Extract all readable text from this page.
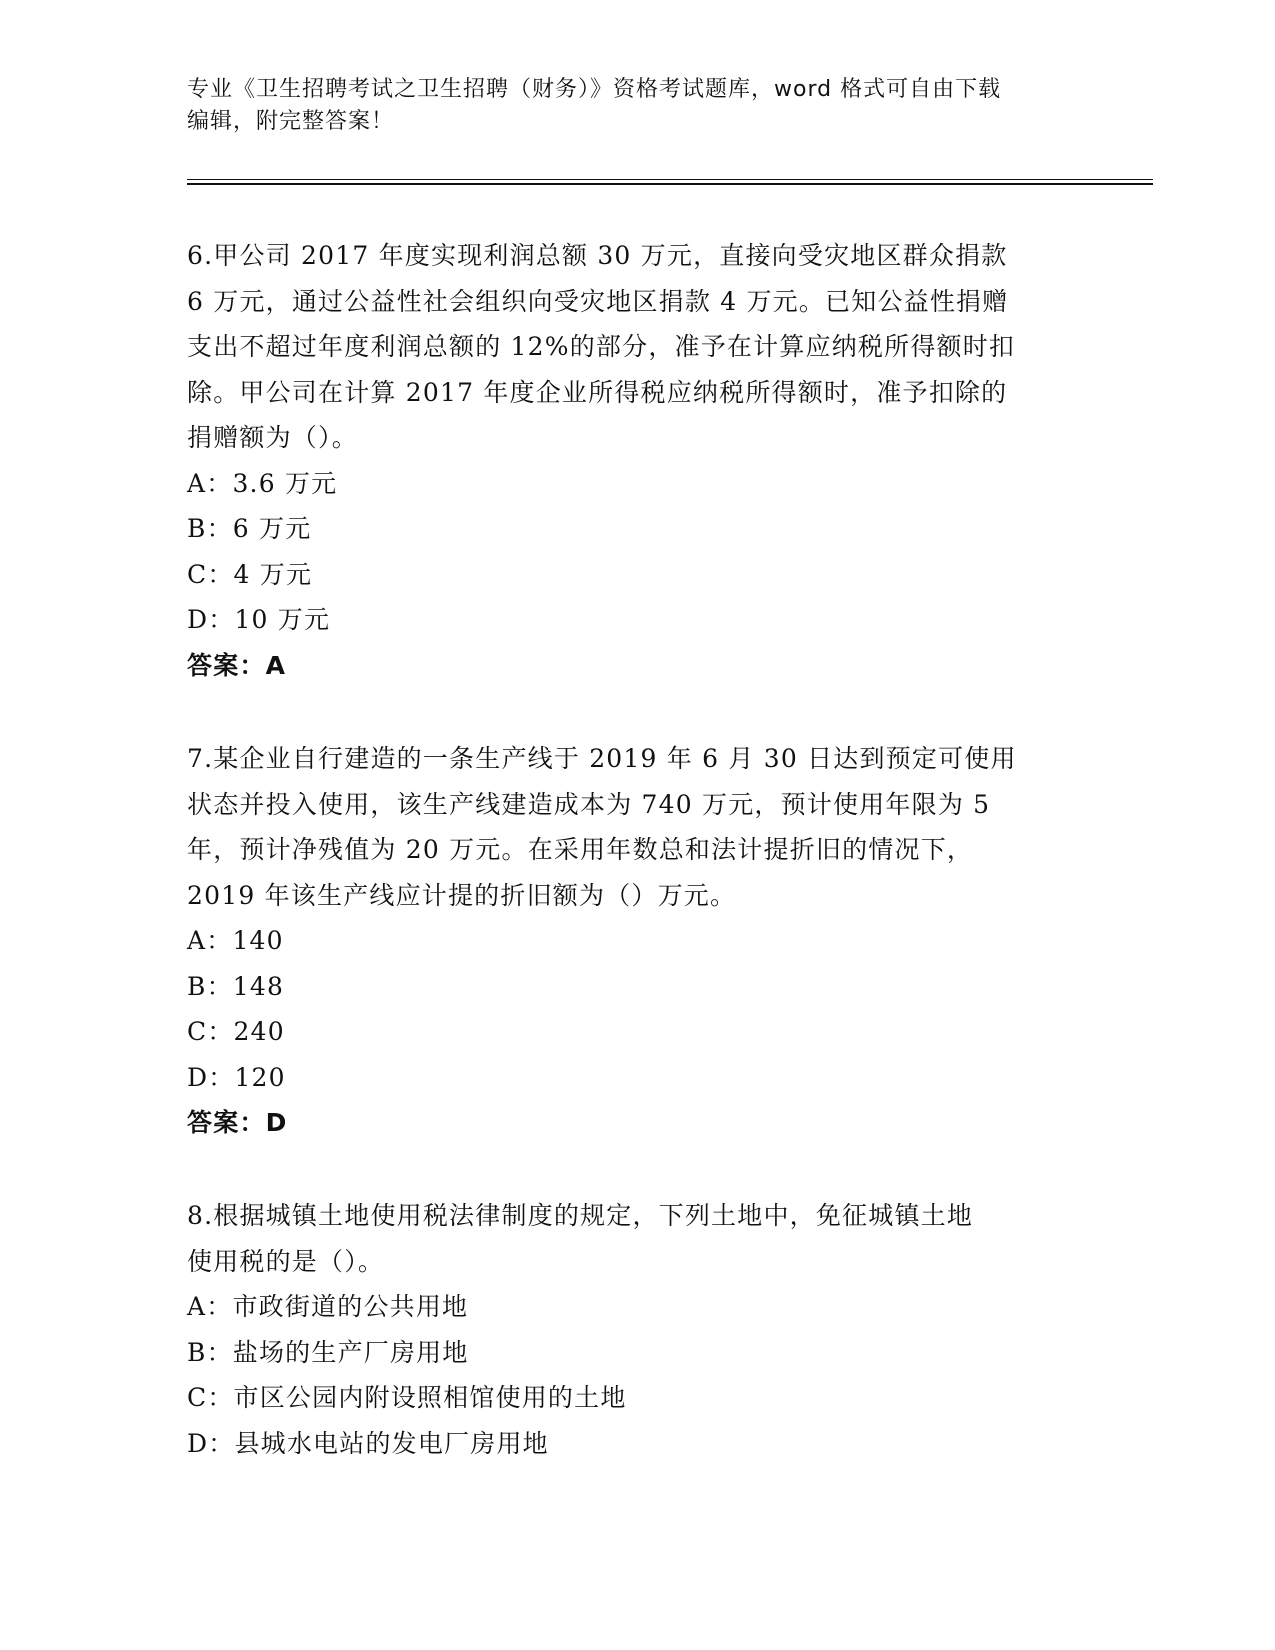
专业《卫生招聘考试之卫生招聘（财务）》资格考试题库，word 格式可自由下载
编辑，附完整答案！

6.甲公司 2017 年度实现利润总额 30 万元，直接向受灾地区群众捐款

6 万元，通过公益性社会组织向受灾地区捐款 4 万元。已知公益性捐赠

支出不超过年度利润总额的 12%的部分，准予在计算应纳税所得额时扣

除。甲公司在计算 2017 年度企业所得税应纳税所得额时，准予扣除的

捐赠额为（）。

A：3.6 万元

B：6 万元

C：4 万元

D：10 万元

答案：A

7.某企业自行建造的一条生产线于 2019 年 6 月 30 日达到预定可使用

状态并投入使用，该生产线建造成本为 740 万元，预计使用年限为 5

年，预计净残值为 20 万元。在采用年数总和法计提折旧的情况下，

2019 年该生产线应计提的折旧额为（）万元。

A：140

B：148

C：240

D：120

答案：D

8.根据城镇土地使用税法律制度的规定，下列土地中，免征城镇土地

使用税的是（）。

A：市政街道的公共用地

B：盐场的生产厂房用地

C：市区公园内附设照相馆使用的土地

D：县城水电站的发电厂房用地
